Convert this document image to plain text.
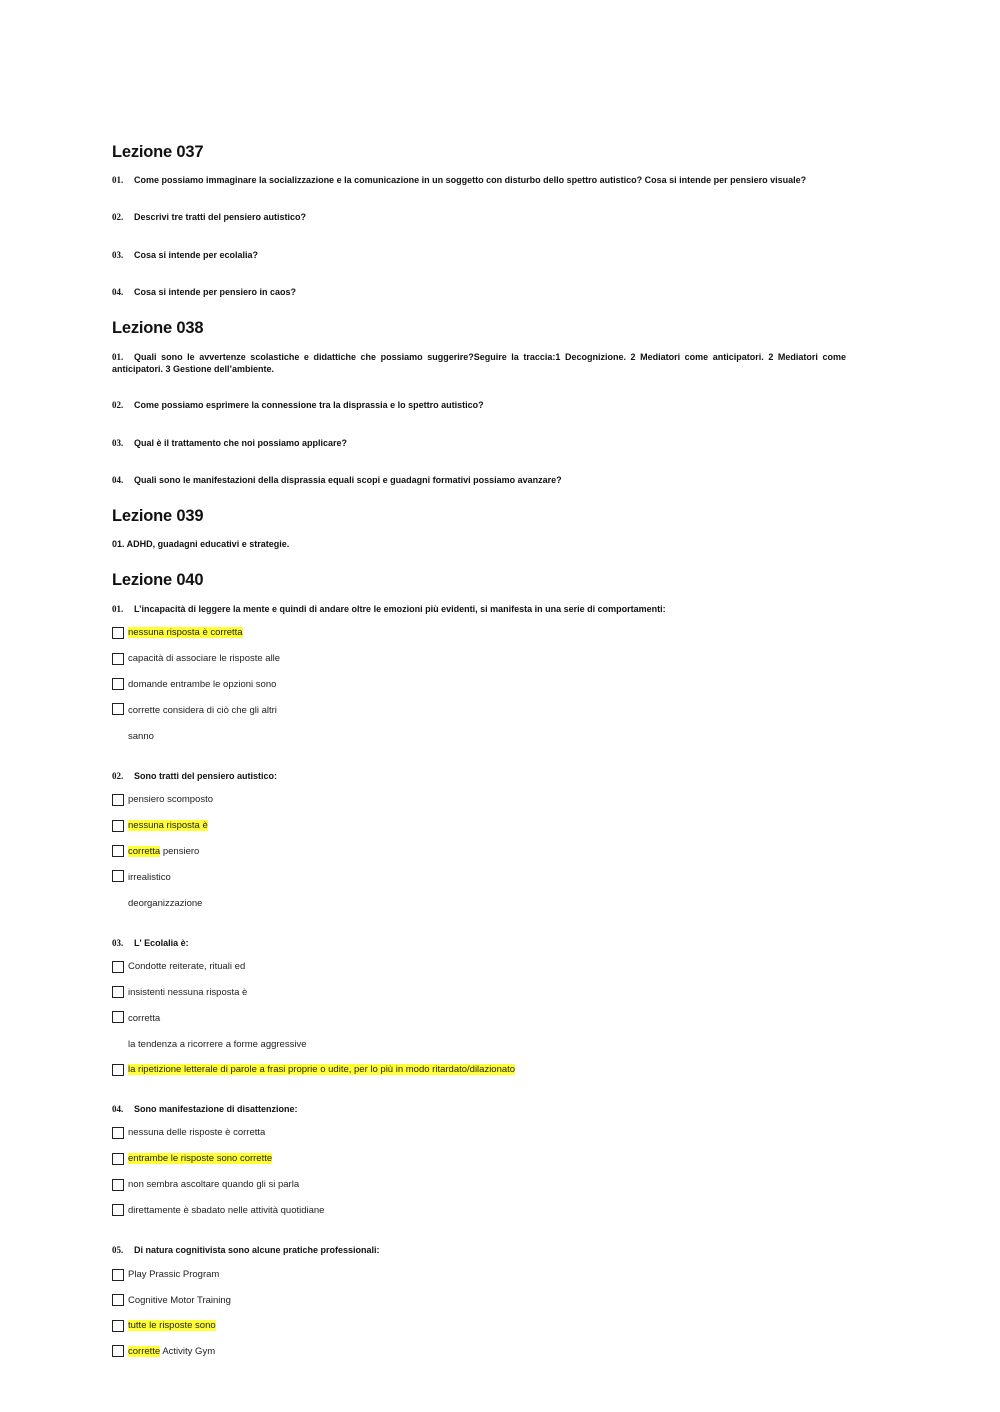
Lezione 037
01. Come possiamo immaginare la socializzazione e la comunicazione in un soggetto con disturbo dello spettro autistico? Cosa si intende per pensiero visuale?
02. Descrivi tre tratti del pensiero autistico?
03. Cosa si intende per ecolalia?
04. Cosa si intende per pensiero in caos?
Lezione 038
01. Quali sono le avvertenze scolastiche e didattiche che possiamo suggerire?Seguire la traccia:1 Decognizione. 2 Mediatori come anticipatori. 2 Mediatori come anticipatori. 3 Gestione dell’ambiente.
02. Come possiamo esprimere la connessione tra la disprassia e lo spettro autistico?
03. Qual è il trattamento che noi possiamo applicare?
04. Quali sono le manifestazioni della disprassia equali scopi e guadagni formativi possiamo avanzare?
Lezione 039
01. ADHD, guadagni educativi e strategie.
Lezione 040
01. L’incapacità di leggere la mente e quindi di andare oltre le emozioni più evidenti, si manifesta in una serie di comportamenti:
nessuna risposta è corretta
capacità di associare le risposte alle
domande entrambe le opzioni sono
corrette considera di ciò che gli altri
sanno
02. Sono tratti del pensiero autistico:
pensiero scomposto
nessuna risposta è
corretta pensiero
irrealistico
deorganizzazione
03. L' Ecolalia è:
Condotte reiterate, rituali ed
insistenti nessuna risposta è
corretta
la tendenza a ricorrere a forme aggressive
la ripetizione letterale di parole a frasi proprie o udite, per lo più in modo ritardato/dilazionato
04. Sono manifestazione di disattenzione:
nessuna delle risposte è corretta
entrambe le risposte sono corrette
non sembra ascoltare quando gli si parla
direttamente è sbadato nelle attività quotidiane
05. Di natura cognitivista sono alcune pratiche professionali:
Play Prassic Program
Cognitive Motor Training
tutte le risposte sono
corrette Activity Gym
